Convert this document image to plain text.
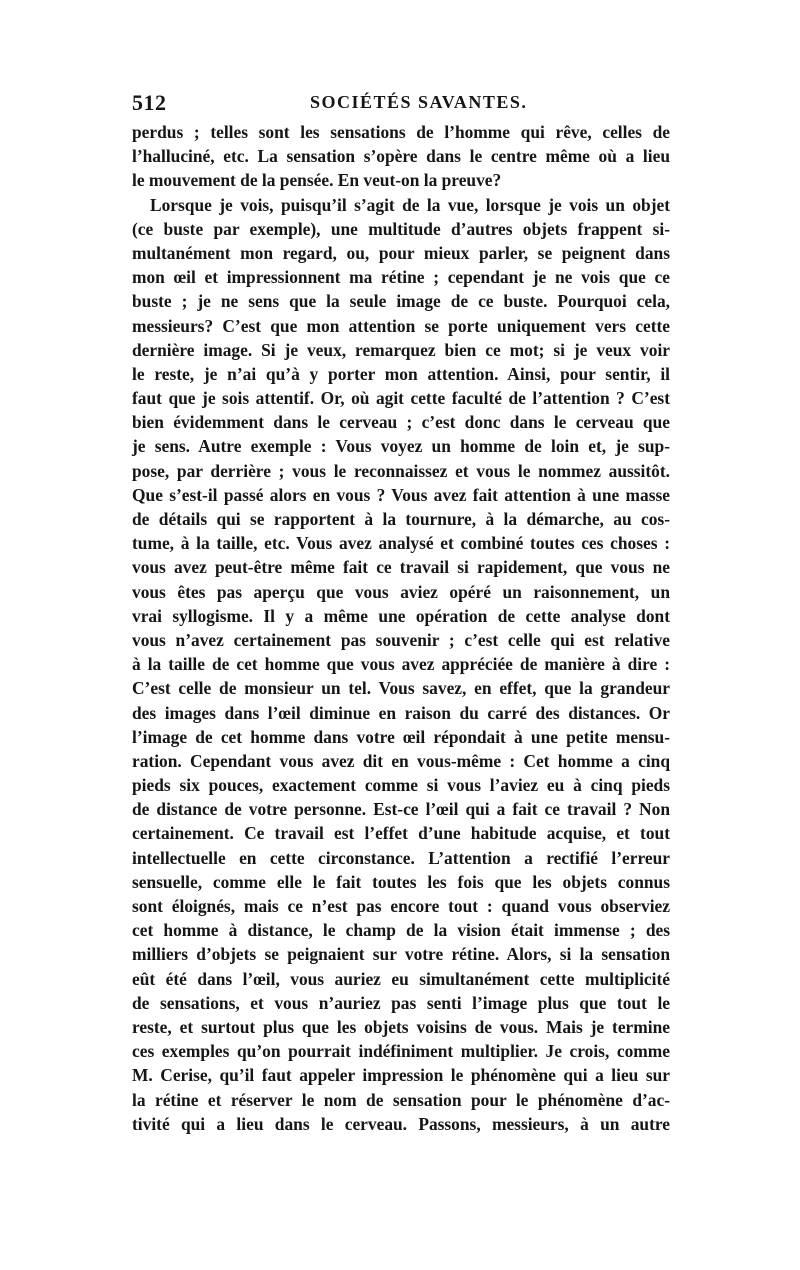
512	SOCIÉTÉS SAVANTES.
perdus ; telles sont les sensations de l’homme qui rêve, celles de
l’halluciné, etc. La sensation s’opère dans le centre même où a lieu
le mouvement de la pensée. En veut-on la preuve?
Lorsque je vois, puisqu’il s’agit de la vue, lorsque je vois un objet
(ce buste par exemple), une multitude d’autres objets frappent si-
multanément mon regard, ou, pour mieux parler, se peignent dans
mon œil et impressionnent ma rétine ; cependant je ne vois que ce
buste ; je ne sens que la seule image de ce buste. Pourquoi cela,
messieurs? C’est que mon attention se porte uniquement vers cette
dernière image. Si je veux, remarquez bien ce mot; si je veux voir
le reste, je n’ai qu’à y porter mon attention. Ainsi, pour sentir, il
faut que je sois attentif. Or, où agit cette faculté de l’attention ? C’est
bien évidemment dans le cerveau ; c’est donc dans le cerveau que
je sens. Autre exemple : Vous voyez un homme de loin et, je sup-
pose, par derrière ; vous le reconnaissez et vous le nommez aussitôt.
Que s’est-il passé alors en vous ? Vous avez fait attention à une masse
de détails qui se rapportent à la tournure, à la démarche, au cos-
tume, à la taille, etc. Vous avez analysé et combiné toutes ces choses :
vous avez peut-être même fait ce travail si rapidement, que vous ne
vous êtes pas aperçu que vous aviez opéré un raisonnement, un
vrai syllogisme. Il y a même une opération de cette analyse dont
vous n’avez certainement pas souvenir ; c’est celle qui est relative
à la taille de cet homme que vous avez appréciée de manière à dire :
C’est celle de monsieur un tel. Vous savez, en effet, que la grandeur
des images dans l’œil diminue en raison du carré des distances. Or
l’image de cet homme dans votre œil répondait à une petite mensu-
ration. Cependant vous avez dit en vous-même : Cet homme a cinq
pieds six pouces, exactement comme si vous l’aviez eu à cinq pieds
de distance de votre personne. Est-ce l’œil qui a fait ce travail ? Non
certainement. Ce travail est l’effet d’une habitude acquise, et tout
intellectuelle en cette circonstance. L’attention a rectifié l’erreur
sensuelle, comme elle le fait toutes les fois que les objets connus
sont éloignés, mais ce n’est pas encore tout : quand vous observiez
cet homme à distance, le champ de la vision était immense ; des
milliers d’objets se peignaient sur votre rétine. Alors, si la sensation
eût été dans l’œil, vous auriez eu simultanément cette multiplicité
de sensations, et vous n’auriez pas senti l’image plus que tout le
reste, et surtout plus que les objets voisins de vous. Mais je termine
ces exemples qu’on pourrait indéfiniment multiplier. Je crois, comme
M. Cerise, qu’il faut appeler impression le phénomène qui a lieu sur
la rétine et réserver le nom de sensation pour le phénomène d’ac-
tivité qui a lieu dans le cerveau. Passons, messieurs, à un autre
